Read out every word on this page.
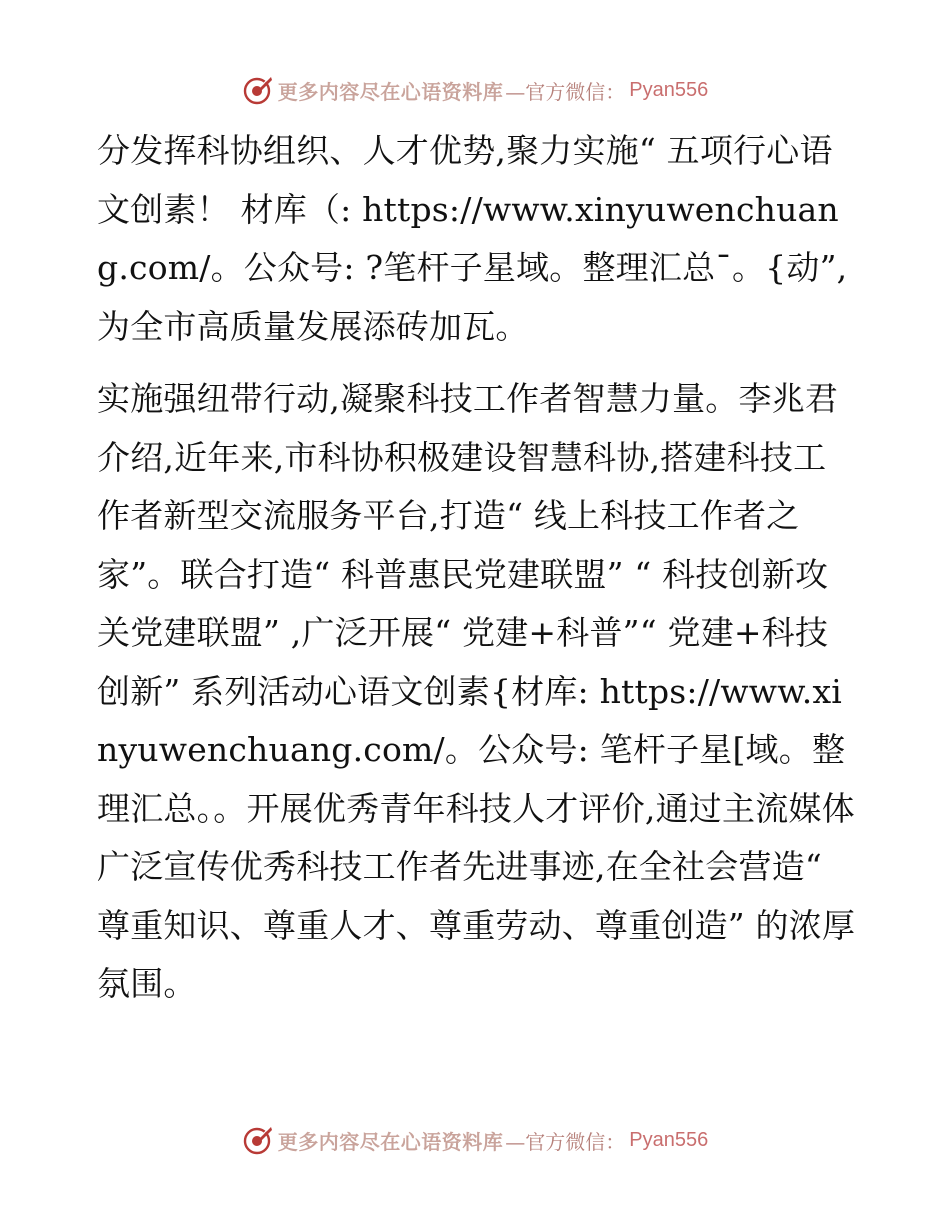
更多内容尽在心语资料库 —官方微信： Pyan556

分发挥科协组织、人才优势,聚力实施“ 五项行心语文创素！ 材库（: https://www.xinyuwenchuang.com/。公众号: ?笔杆子星域。整理汇总¯。{动”,为全市高质量发展添砖加瓦。

实施强纽带行动,凝聚科技工作者智慧力量。李兆君介绍,近年来,市科协积极建设智慧科协,搭建科技工作者新型交流服务平台,打造“ 线上科技工作者之家”。联合打造“ 科普惠民党建联盟” “ 科技创新攻关党建联盟” ,广泛开展“ 党建+科普”“ 党建+科技创新” 系列活动心语文创素{材库: https://www.xinyuwenchuang.com/。公众号: 笔杆子星[域。整理汇总。。开展优秀青年科技人才评价,通过主流媒体广泛宣传优秀科技工作者先进事迹,在全社会营造“ 尊重知识、尊重人才、尊重劳动、尊重创造” 的浓厚氛围。

更多内容尽在心语资料库 —官方微信： Pyan556
